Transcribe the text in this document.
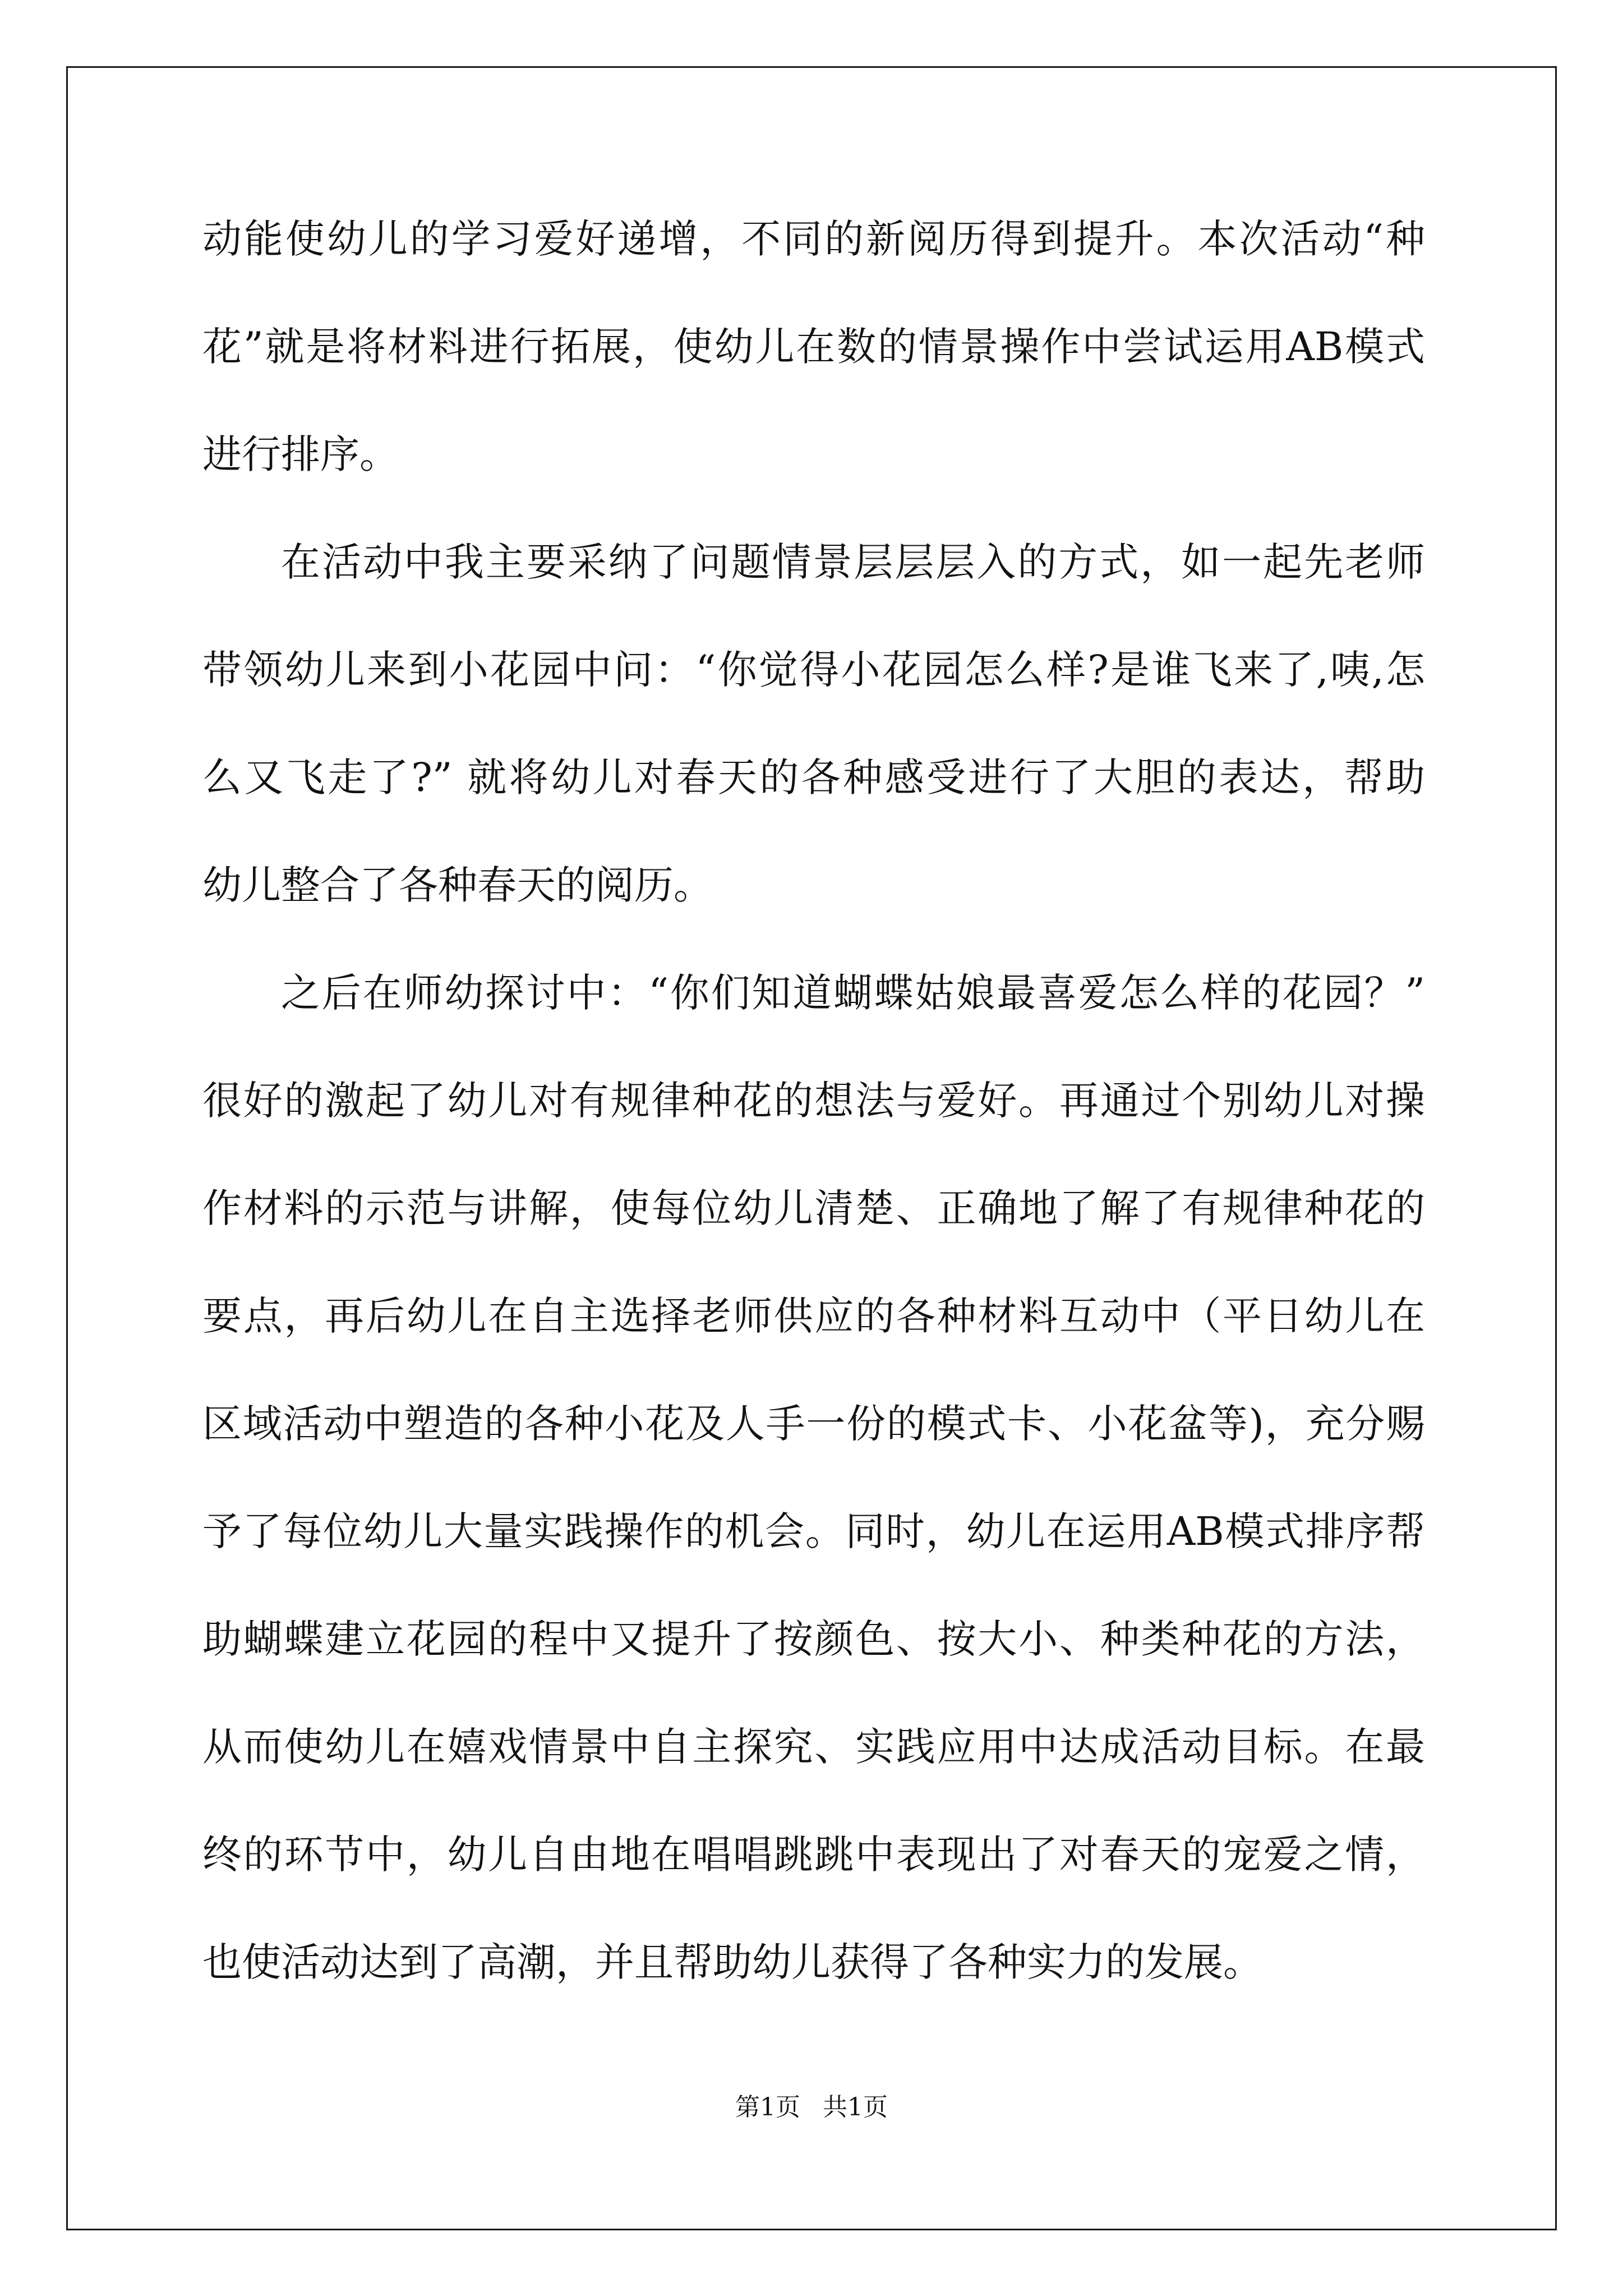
动能使幼儿的学习爱好递增，不同的新阅历得到提升。本次活动“种
花”就是将材料进行拓展，使幼儿在数的情景操作中尝试运用AB模式
进行排序。
在活动中我主要采纳了问题情景层层层入的方式，如一起先老师
带领幼儿来到小花园中问：“你觉得小花园怎么样?是谁飞来了,咦,怎
么又飞走了?” 就将幼儿对春天的各种感受进行了大胆的表达，帮助
幼儿整合了各种春天的阅历。
之后在师幼探讨中：“你们知道蝴蝶姑娘最喜爱怎么样的花园？”
很好的激起了幼儿对有规律种花的想法与爱好。再通过个别幼儿对操
作材料的示范与讲解，使每位幼儿清楚、正确地了解了有规律种花的
要点，再后幼儿在自主选择老师供应的各种材料互动中（平日幼儿在
区域活动中塑造的各种小花及人手一份的模式卡、小花盆等)，充分赐
予了每位幼儿大量实践操作的机会。同时，幼儿在运用AB模式排序帮
助蝴蝶建立花园的程中又提升了按颜色、按大小、种类种花的方法，
从而使幼儿在嬉戏情景中自主探究、实践应用中达成活动目标。在最
终的环节中，幼儿自由地在唱唱跳跳中表现出了对春天的宠爱之情，
也使活动达到了高潮，并且帮助幼儿获得了各种实力的发展。
第1页 共1页
